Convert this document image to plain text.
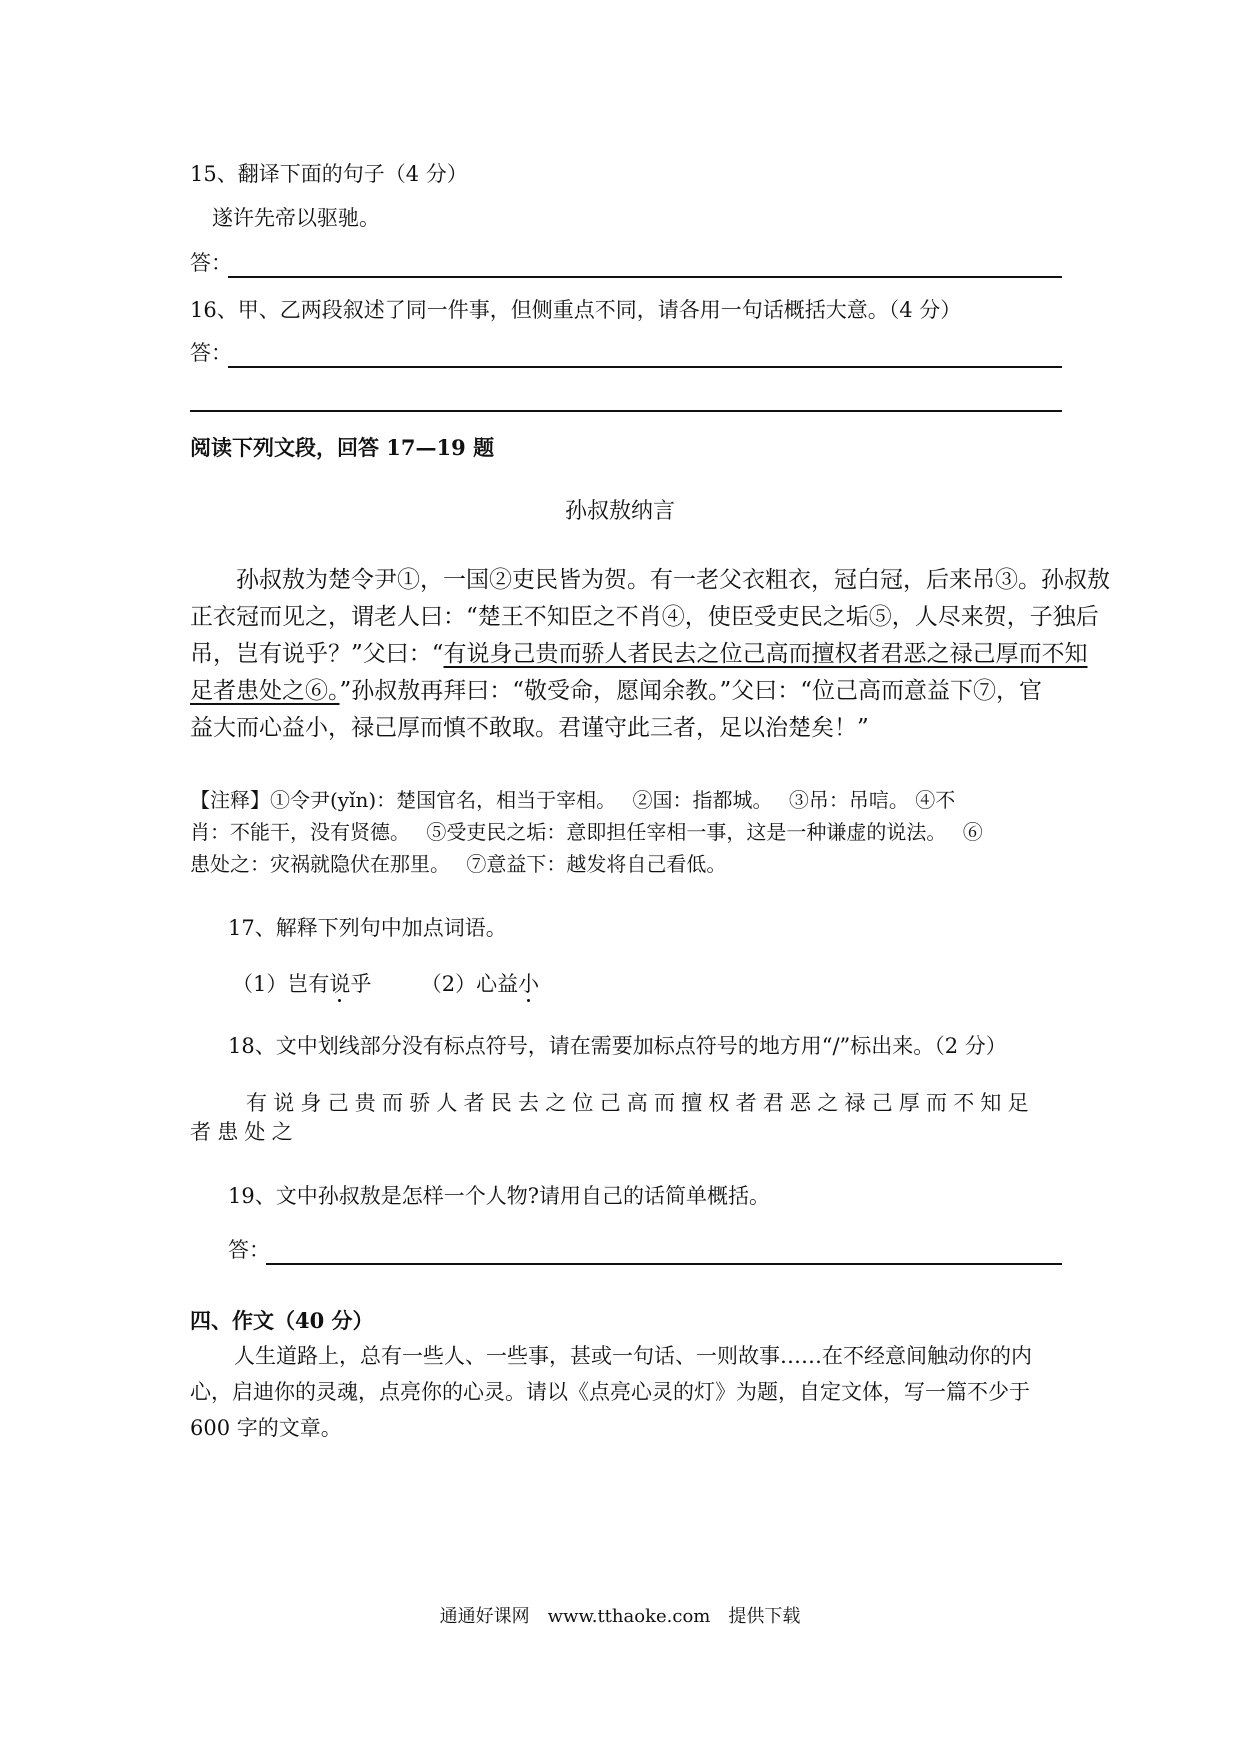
15、翻译下面的句子（4 分）
遂许先帝以驱驰。
答：
16、甲、乙两段叙述了同一件事，但侧重点不同，请各用一句话概括大意。（4 分）
答：
阅读下列文段，回答 17—19 题
孙叔敖纳言
孙叔敖为楚令尹①，一国②吏民皆为贺。有一老父衣粗衣，冠白冠，后来吊③。孙叔敖
正衣冠而见之，谓老人曰：“楚王不知臣之不肖④，使臣受吏民之垢⑤，人尽来贺，子独后
吊，岂有说乎？”父曰：“有说身己贵而骄人者民去之位己高而擅权者君恶之禄己厚而不知
足者患处之⑥。”孙叔敖再拜曰：“敬受命，愿闻余教。”父曰：“位己高而意益下⑦，官
益大而心益小，禄己厚而慎不敢取。君谨守此三者，足以治楚矣！”
【注释】①令尹(yǐn)：楚国官名，相当于宰相。　 ②国：指都城。　 ③吊：吊唁。 ④不
肖：不能干，没有贤德。　 ⑤受吏民之垢：意即担任宰相一事，这是一种谦虚的说法。　 ⑥
患处之：灾祸就隐伏在那里。　 ⑦意益下：越发将自己看低。
17、解释下列句中加点词语。
（1）岂有说乎 （2）心益小
18、文中划线部分没有标点符号，请在需要加标点符号的地方用“/”标出来。（2 分）
有说身己贵而骄人者民去之位己高而擅权者君恶之禄己厚而不知足
者患处之
19、文中孙叔敖是怎样一个人物?请用自己的话简单概括。
答：
四、作文（40 分）
人生道路上，总有一些人、一些事，甚或一句话、一则故事……在不经意间触动你的内
心，启迪你的灵魂，点亮你的心灵。请以《点亮心灵的灯》为题，自定文体，写一篇不少于
600 字的文章。
通通好课网　www.tthaoke.com　提供下载
